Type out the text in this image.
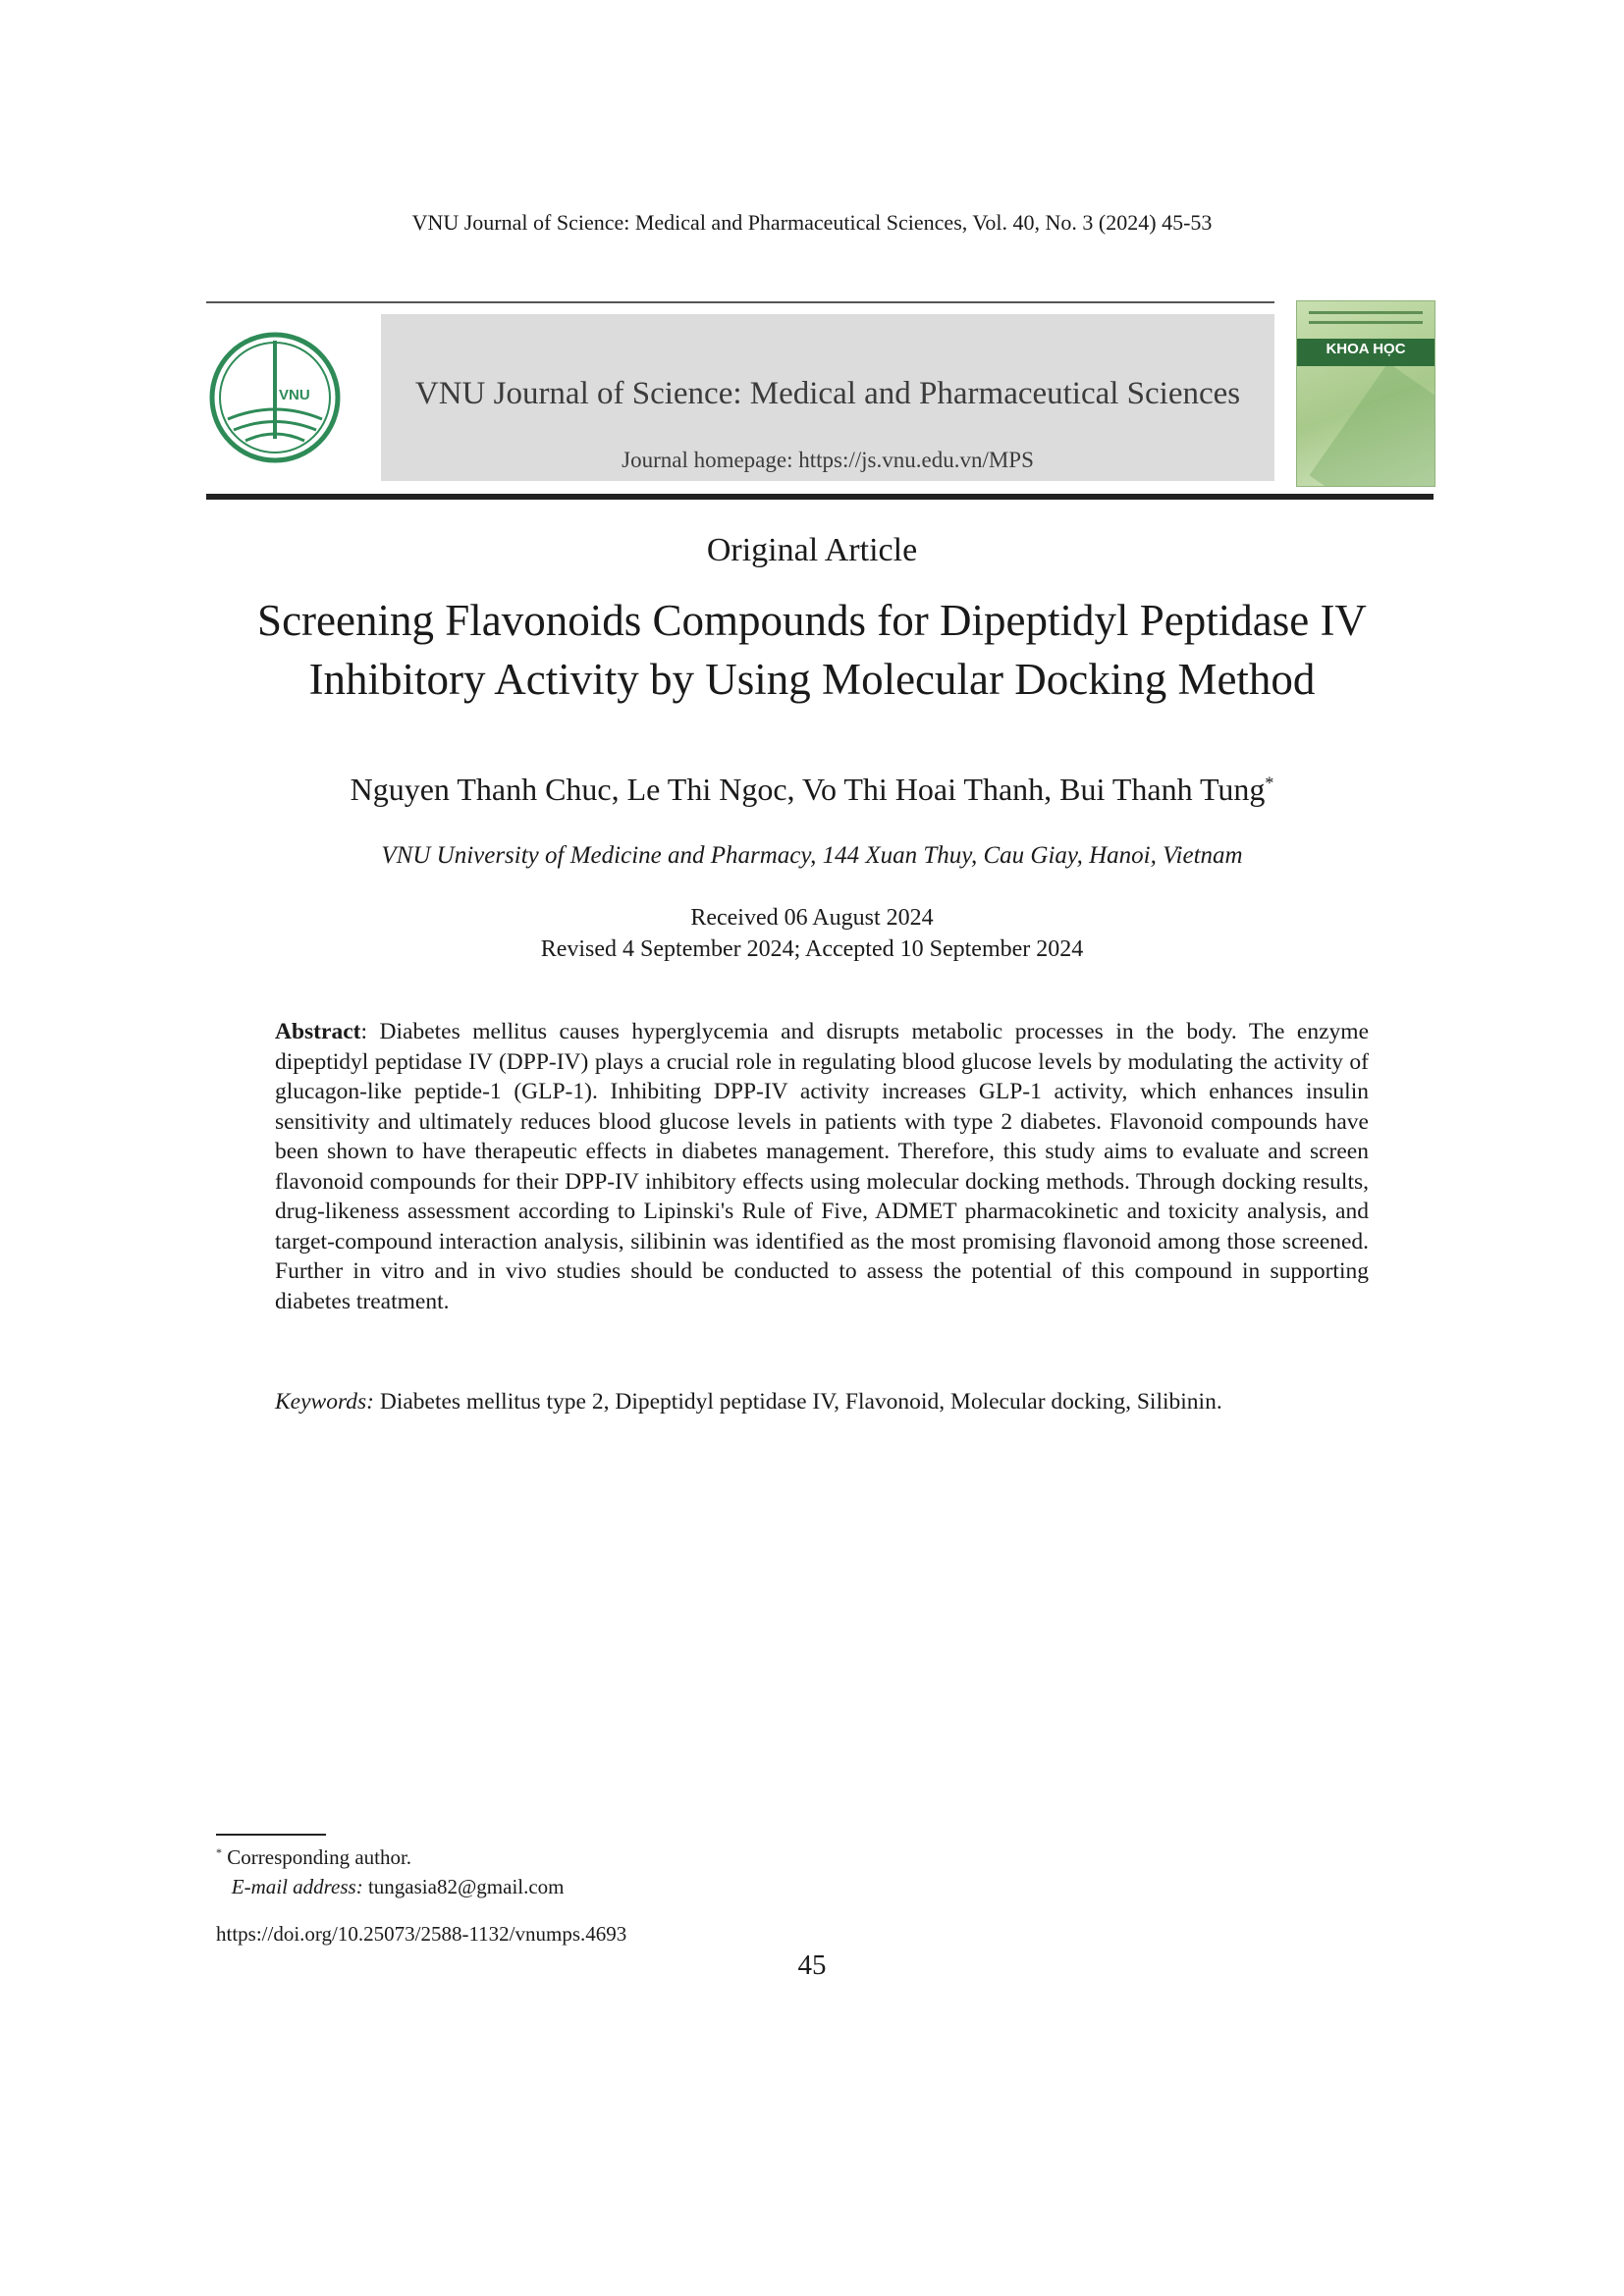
VNU Journal of Science: Medical and Pharmaceutical Sciences, Vol. 40, No. 3 (2024) 45-53
VNU	VNU Journal of Science: Medical and Pharmaceutical Sciences
Journal homepage: https://js.vnu.edu.vn/MPS
KHOA HỌC
Original Article
Screening Flavonoids Compounds for Dipeptidyl Peptidase IV
Inhibitory Activity by Using Molecular Docking Method
Nguyen Thanh Chuc, Le Thi Ngoc, Vo Thi Hoai Thanh, Bui Thanh Tung*
VNU University of Medicine and Pharmacy, 144 Xuan Thuy, Cau Giay, Hanoi, Vietnam
Received 06 August 2024
Revised 4 September 2024; Accepted 10 September 2024
Abstract: Diabetes mellitus causes hyperglycemia and disrupts metabolic processes in the body. The enzyme dipeptidyl peptidase IV (DPP-IV) plays a crucial role in regulating blood glucose levels by modulating the activity of glucagon-like peptide-1 (GLP-1). Inhibiting DPP-IV activity increases GLP-1 activity, which enhances insulin sensitivity and ultimately reduces blood glucose levels in patients with type 2 diabetes. Flavonoid compounds have been shown to have therapeutic effects in diabetes management. Therefore, this study aims to evaluate and screen flavonoid compounds for their DPP-IV inhibitory effects using molecular docking methods. Through docking results, drug-likeness assessment according to Lipinski's Rule of Five, ADMET pharmacokinetic and toxicity analysis, and target-compound interaction analysis, silibinin was identified as the most promising flavonoid among those screened. Further in vitro and in vivo studies should be conducted to assess the potential of this compound in supporting diabetes treatment.
Keywords: Diabetes mellitus type 2, Dipeptidyl peptidase IV, Flavonoid, Molecular docking, Silibinin.
* Corresponding author.
E-mail address: tungasia82@gmail.com
https://doi.org/10.25073/2588-1132/vnumps.4693
45
